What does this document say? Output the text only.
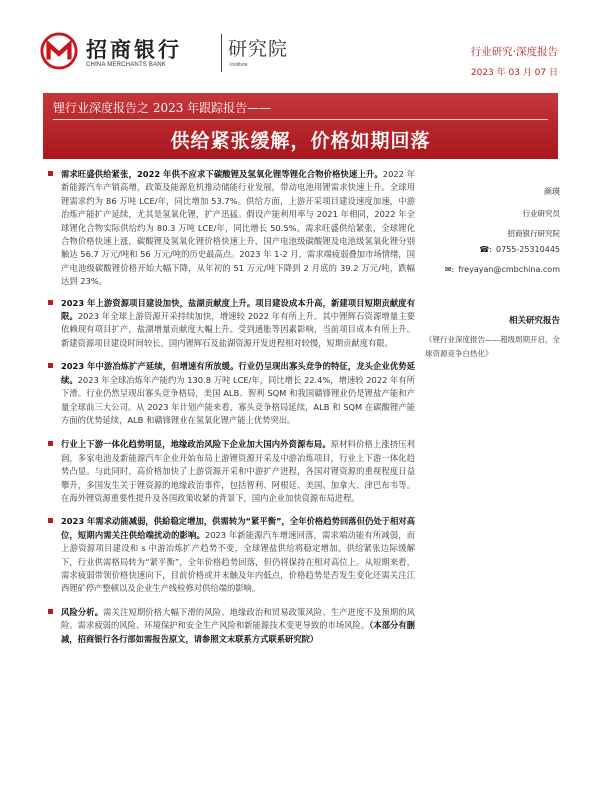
招商银行
CHINA MERCHANTS BANK
研究院
Institute
行业研究·深度报告
2023 年 03 月 07 日
锂行业深度报告之 2023 年跟踪报告——
供给紧张缓解，价格如期回落

需求旺盛供给紧张，2022 年供不应求下碳酸锂及氢氧化锂等锂化合物价格快速上升。2022 年新能源汽车产销高增，政策及能源危机推动储能行业发展，带动电池用锂需求快速上升。全球用锂需求约为 86 万吨 LCE/年，同比增加 53.7%。供给方面，上游开采项目建设速度加速，中游治炼产能扩产延续，尤其是氢氧化锂，扩产迅猛。假设产能利用率与 2021 年相同，2022 年全球锂化合物实际供给约为 80.3 万吨 LCE/年，同比增长 50.5%。需求旺盛供给紧张，全球锂化合物价格快速上涨，碳酸锂及氢氧化锂价格快速上升，国产电池级碳酸锂及电池级氢氧化锂分别触达 56.7 万元/吨和 56 万元/吨的历史最高点。2023 年 1-2 月，需求端疲弱叠加市场情绪，国产电池级碳酸锂价格开始大幅下降，从年初的 51 万元/吨下降到 2 月底的 39.2 万元/吨，跌幅达到 23%。

2023 年上游资源项目建设加快，盐湖贡献度上升。项目建设成本升高，新建项目短期贡献度有限。2023 年全球上游资源开采持续加快，增速较 2022 年有所上升。其中锂辉石资源增量主要依赖现有项目扩产，盐湖增量贡献度大幅上升。受到通胀等因素影响，当前项目成本有所上升。新建资源项目建设时间较长，国内锂辉石及盐湖资源开发进程相对较慢，短期贡献度有限。

2023 年中游冶炼扩产延续，但增速有所放缓。行业仍呈现出寡头竞争的特征，龙头企业优势延续。2023 年全球冶炼年产能约为 130.8 万吨 LCE/年，同比增长 22.4%，增速较 2022 年有所下滑。行业仍然呈现出寡头竞争格局，美国 ALB、智利 SQM 和我国赣锋锂业仍是锂盐产能和产量全球前三大公司。从 2023 年计划产能来看，寡头竞争格局延续，ALB 和 SQM 在碳酸锂产能方面的优势延续，ALB 和赣锋锂业在氢氧化锂产能上优势突出。

行业上下游一体化趋势明显，地缘政治风险下企业加大国内外资源布局。原材料价格上涨挤压利润，多家电池及新能源汽车企业开始布局上游锂资源开采及中游冶炼项目，行业上下游一体化趋势凸显。与此同时，高价格加快了上游资源开采和中游扩产进程，各国对锂资源的重视程度日益攀升，多国发生关于锂资源的地缘政治事件，包括智利、阿根廷、美国、加拿大、津巴布韦等。在海外锂资源重要性提升及各国政策收紧的背景下，国内企业加快资源布局进程。

2023 年需求动能减弱，供給稳定增加，供需转为“紧平衡”，全年价格趋势回落但仍处于相对高位，短期内需关注供给端扰动的影响。2023 年新能源汽车增速回落，需求端动能有所减弱，而上游资源项目建设和 s 中游冶炼扩产趋势不变，全球锂盐供给将稳定增加。供给紧张边际缓解下，行业供需格局转为“紧平衡”，全年价格趋势回落，但仍将保持在相对高位上。从短期来看，需求疲弱带领价格快速向下，目前价格或并未触及年内低点，价格趋势是否发生变化还需关注江西锂矿停产整顿以及企业生产线检修对供给端的影响。

风险分析。需关注短期价格大幅下滑的风险、地缘政治和贸易政策风险、生产进度不及预期的风险、需求疲弱的风险、环境保护和安全生产风险和新能源技术变更导致的市场风险。（本部分有删减，招商银行各行部如需报告原文，请参照文末联系方式联系研究院）

颜瑛
行业研究员
招商银行研究院
☎: 0755-25310445
✉: freyayan@cmbchina.com
相关研究报告
《锂行业深度报告——超级周期开启，全球资源竞争白热化》
